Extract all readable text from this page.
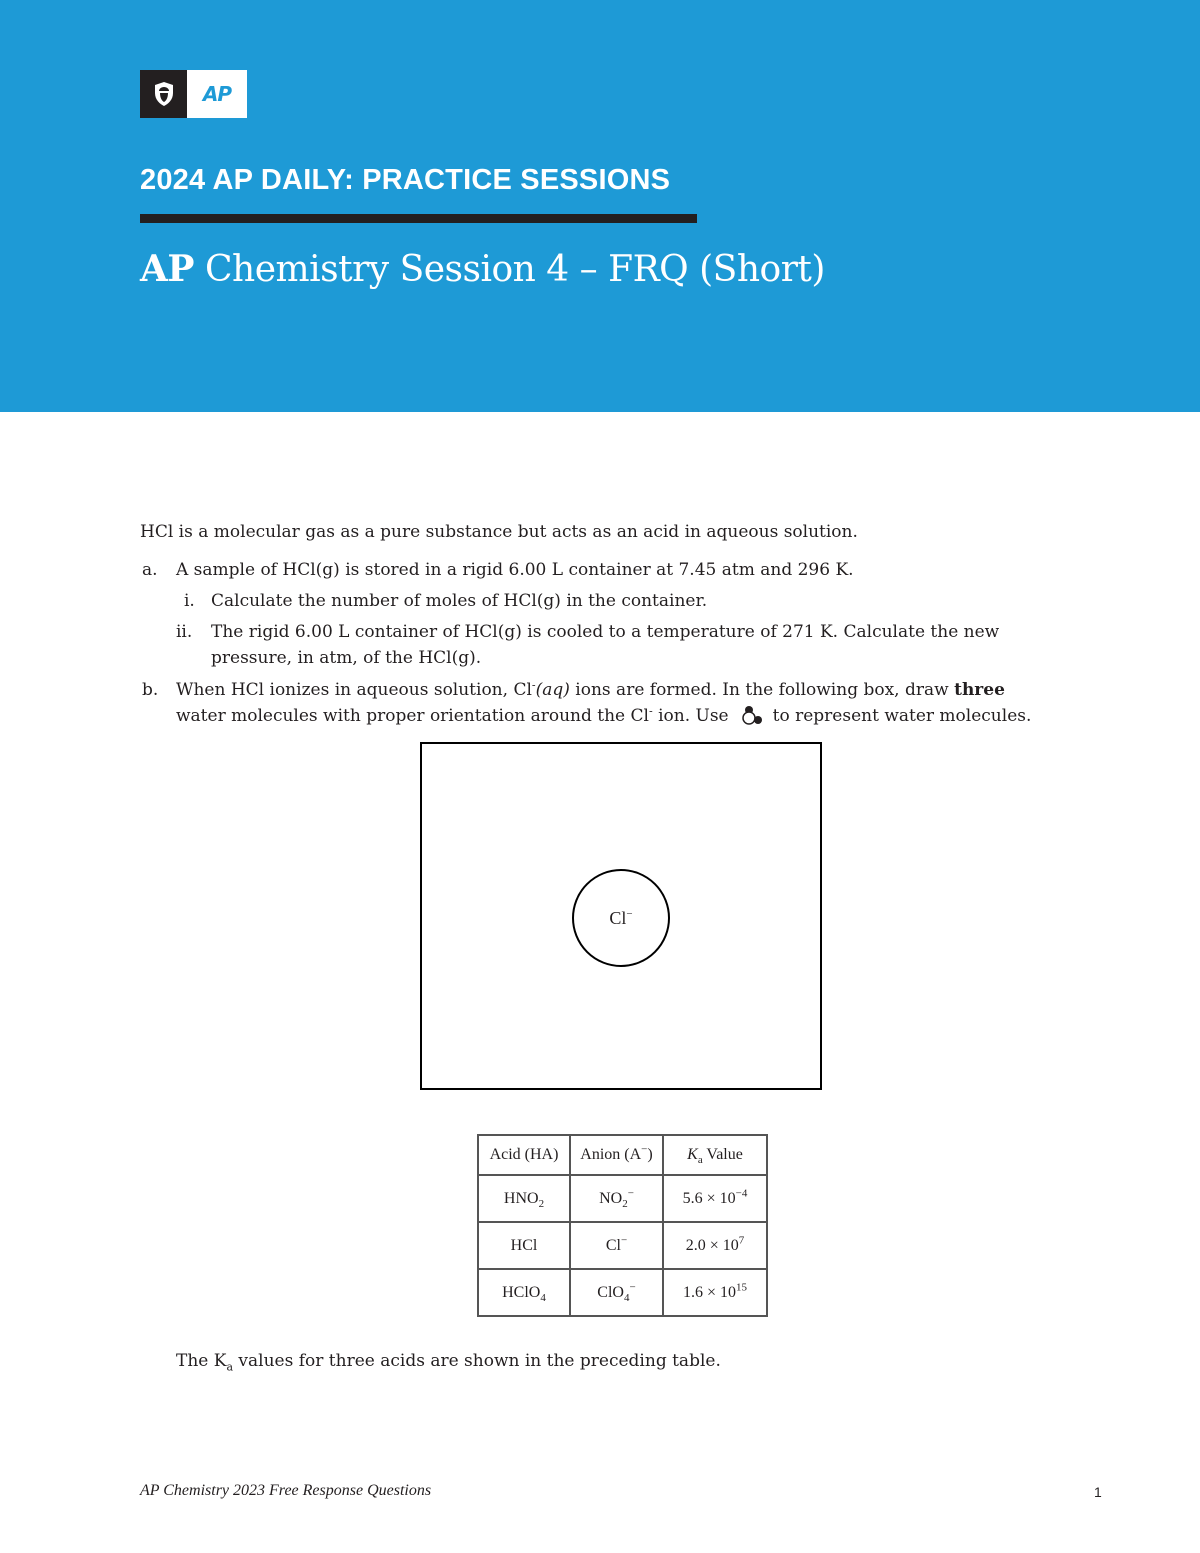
AP
2024 AP DAILY: PRACTICE SESSIONS
AP Chemistry Session 4 – FRQ (Short)
HCl is a molecular gas as a pure substance but acts as an acid in aqueous solution.
a. A sample of HCl(g) is stored in a rigid 6.00 L container at 7.45 atm and 296 K.
i. Calculate the number of moles of HCl(g) in the container.
ii. The rigid 6.00 L container of HCl(g) is cooled to a temperature of 271 K. Calculate the new
pressure, in atm, of the HCl(g).
b. When HCl ionizes in aqueous solution, Cl-(aq) ions are formed. In the following box, draw three
water molecules with proper orientation around the Cl- ion. Use	to represent water molecules.
Cl−
Acid (HA)	Anion (A−)	$K_a$ Value
$HNO_2$	$NO_2^-$	$5.6 \times 10^{-4}$
HCl	Cl−	$2.0 \times 10^7$
HClO$_4$	ClO$_4$−	$1.6 \times 10^{15}$
The $K_a$ values for three acids are shown in the preceding table.
AP Chemistry 2023 Free Response Questions	1
